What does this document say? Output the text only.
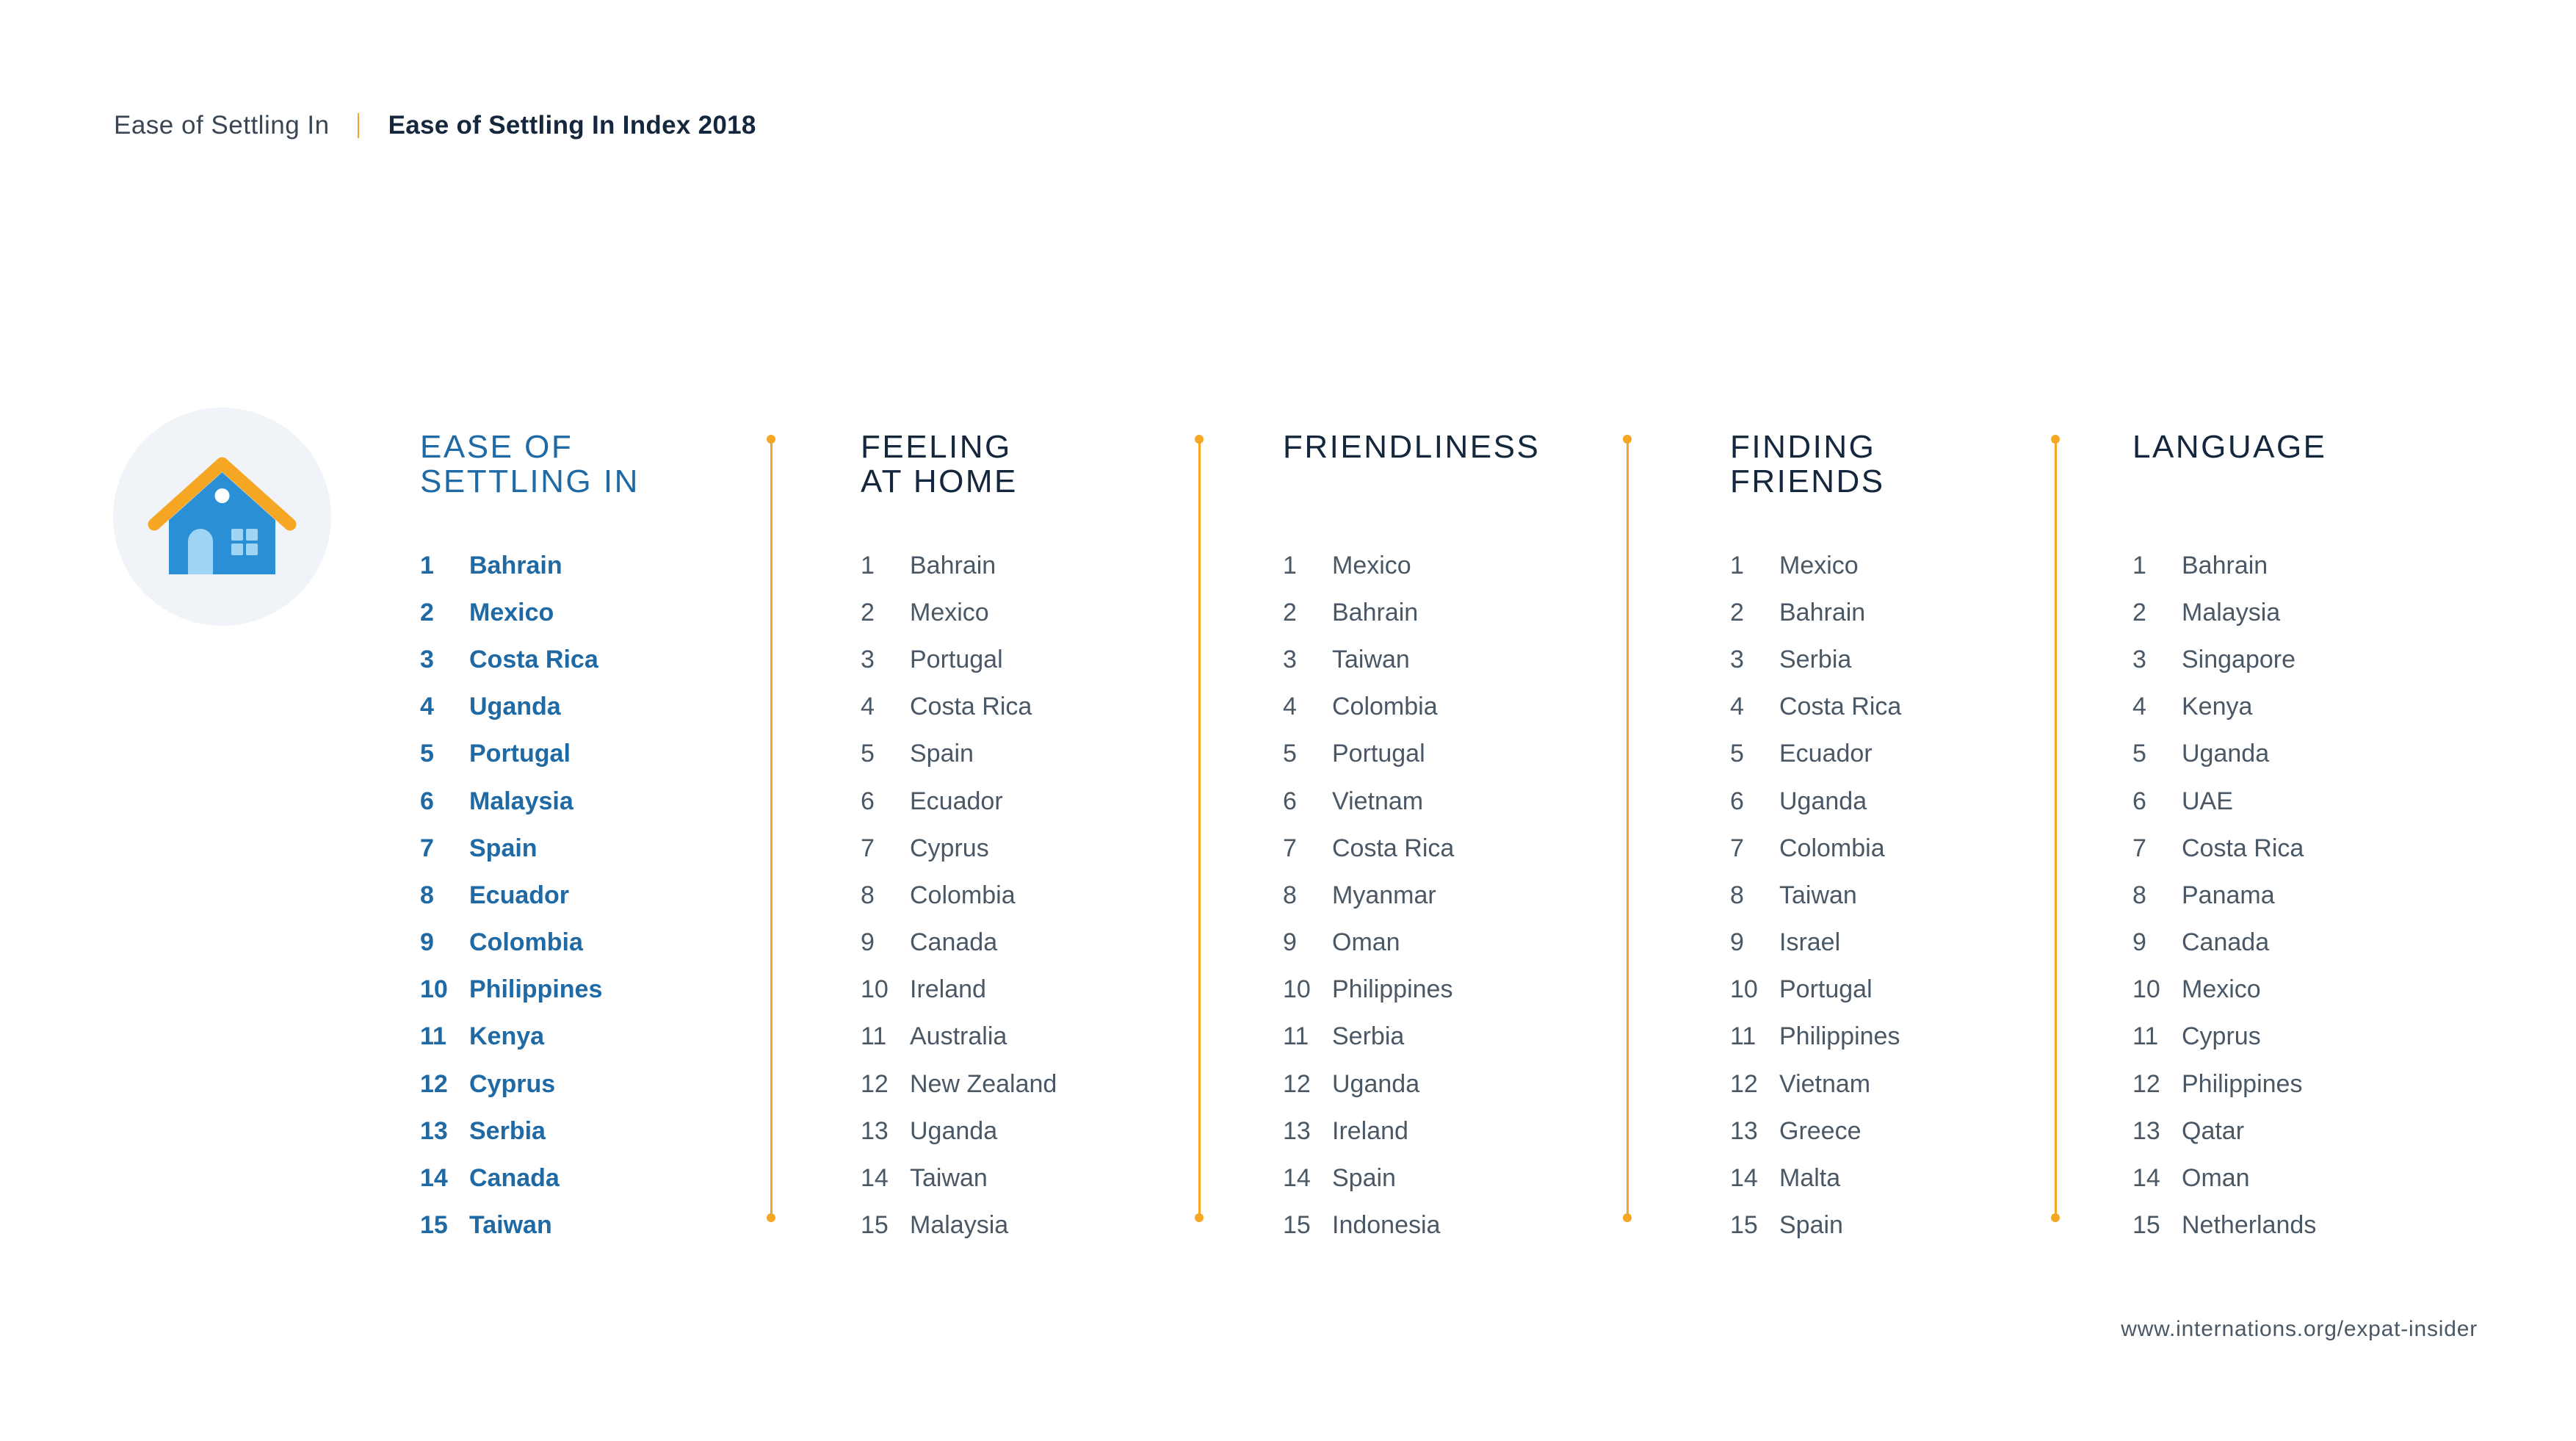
Ease of Settling In Ease of Settling In Index 2018
EASE OF
SETTLING IN
1	Bahrain
2	Mexico
3	Costa Rica
4	Uganda
5	Portugal
6	Malaysia
7	Spain
8	Ecuador
9	Colombia
10 Philippines
11 Kenya
12 Cyprus
13 Serbia
14 Canada
15 Taiwan
FEELING
AT HOME
1	Bahrain
2	Mexico
3	Portugal
4	Costa Rica
5	Spain
6	Ecuador
7	Cyprus
8	Colombia
9	Canada
10 Ireland
11 Australia
12 New Zealand
13 Uganda
14 Taiwan
15 Malaysia
FRIENDLINESS
1	Mexico
2	Bahrain
3	Taiwan
4	Colombia
5	Portugal
6	Vietnam
7	Costa Rica
8	Myanmar
9	Oman
10 Philippines
11 Serbia
12 Uganda
13 Ireland
14 Spain
15 Indonesia
FINDING
FRIENDS
1	Mexico
2	Bahrain
3	Serbia
4	Costa Rica
5	Ecuador
6	Uganda
7	Colombia
8	Taiwan
9	Israel
10 Portugal
11 Philippines
12 Vietnam
13 Greece
14 Malta
15 Spain
LANGUAGE
1	Bahrain
2	Malaysia
3	Singapore
4	Kenya
5	Uganda
6	UAE
7	Costa Rica
8	Panama
9	Canada
10 Mexico
11 Cyprus
12 Philippines
13 Qatar
14 Oman
15 Netherlands
www.internations.org/expat-insider
